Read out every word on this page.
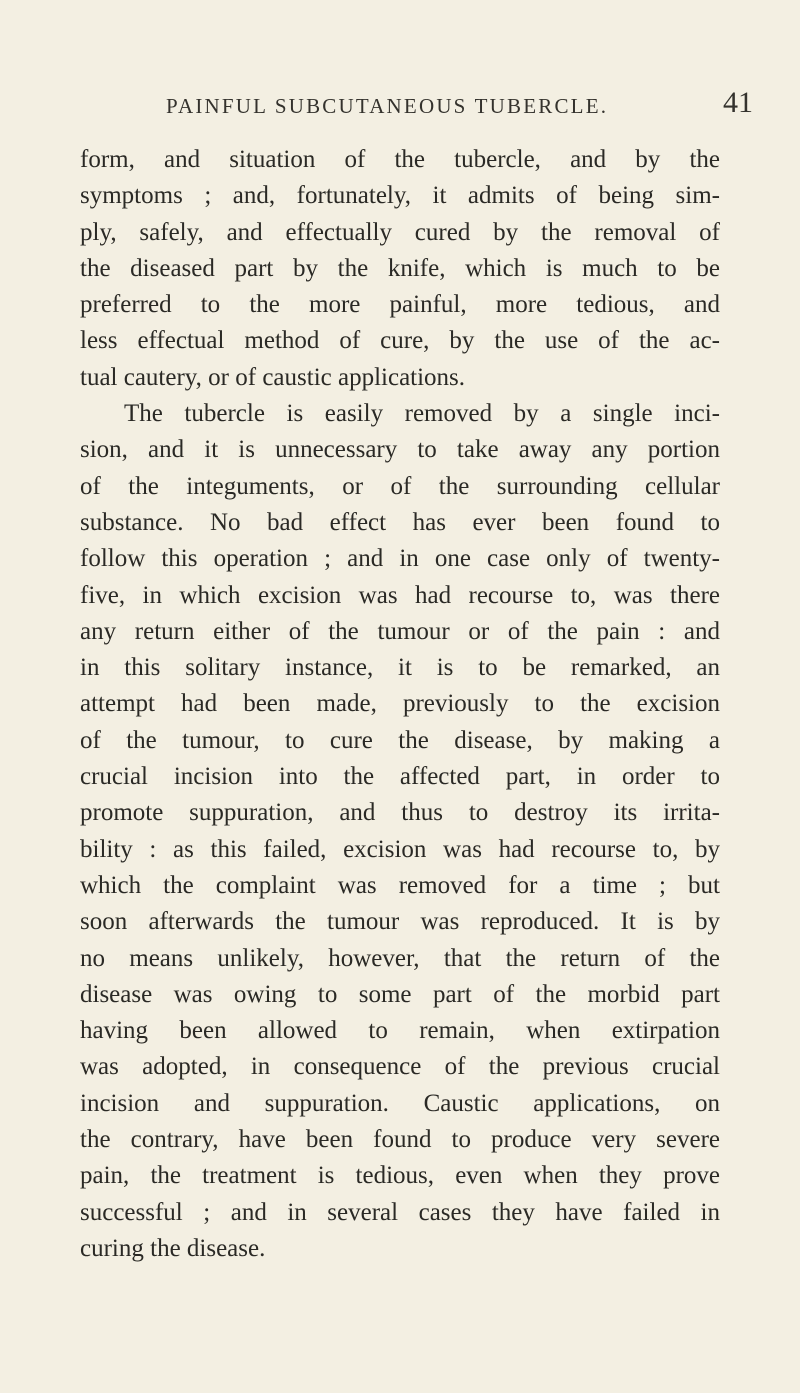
PAINFUL SUBCUTANEOUS TUBERCLE.	41
form, and situation of the tubercle, and by the
symptoms ; and, fortunately, it admits of being sim-
ply, safely, and effectually cured by the removal of
the diseased part by the knife, which is much to be
preferred to the more painful, more tedious, and
less effectual method of cure, by the use of the ac-
tual cautery, or of caustic applications.
The tubercle is easily removed by a single inci-
sion, and it is unnecessary to take away any portion
of the integuments, or of the surrounding cellular
substance. No bad effect has ever been found to
follow this operation ; and in one case only of twenty-
five, in which excision was had recourse to, was there
any return either of the tumour or of the pain : and
in this solitary instance, it is to be remarked, an
attempt had been made, previously to the excision
of the tumour, to cure the disease, by making a
crucial incision into the affected part, in order to
promote suppuration, and thus to destroy its irrita-
bility : as this failed, excision was had recourse to, by
which the complaint was removed for a time ; but
soon afterwards the tumour was reproduced. It is by
no means unlikely, however, that the return of the
disease was owing to some part of the morbid part
having been allowed to remain, when extirpation
was adopted, in consequence of the previous crucial
incision and suppuration. Caustic applications, on
the contrary, have been found to produce very severe
pain, the treatment is tedious, even when they prove
successful ; and in several cases they have failed in
curing the disease.
